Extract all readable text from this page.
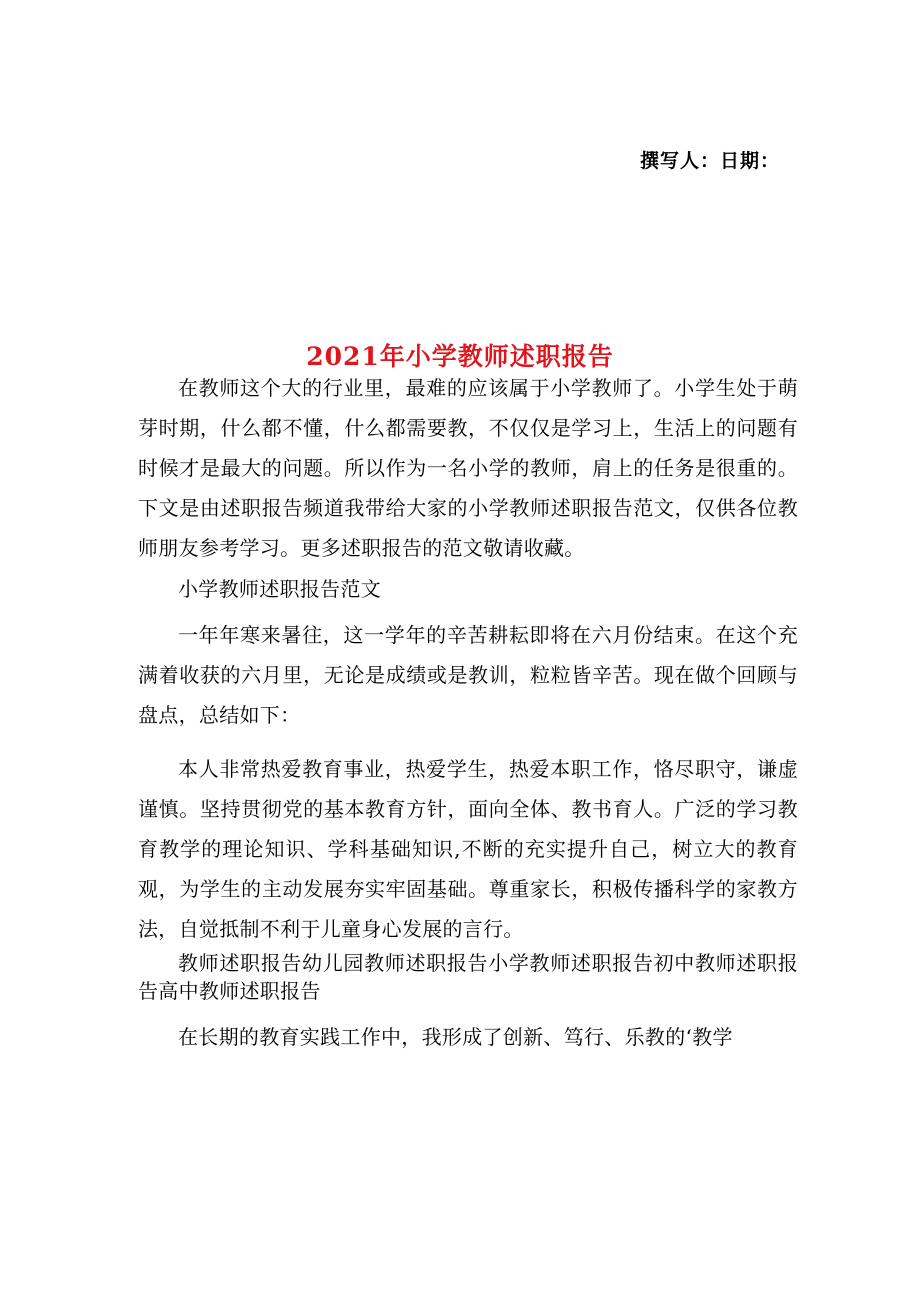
撰写人：日期：
2021年小学教师述职报告

在教师这个大的行业里，最难的应该属于小学教师了。小学生处于萌芽时期，什么都不懂，什么都需要教，不仅仅是学习上，生活上的问题有时候才是最大的问题。所以作为一名小学的教师，肩上的任务是很重的。下文是由述职报告频道我带给大家的小学教师述职报告范文，仅供各位教师朋友参考学习。更多述职报告的范文敬请收藏。

小学教师述职报告范文

一年年寒来暑往，这一学年的辛苦耕耘即将在六月份结束。在这个充满着收获的六月里，无论是成绩或是教训，粒粒皆辛苦。现在做个回顾与盘点，总结如下：

本人非常热爱教育事业，热爱学生，热爱本职工作，恪尽职守，谦虚谨慎。坚持贯彻党的基本教育方针，面向全体、教书育人。广泛的学习教育教学的理论知识、学科基础知识,不断的充实提升自己，树立大的教育观，为学生的主动发展夯实牢固基础。尊重家长，积极传播科学的家教方法，自觉抵制不利于儿童身心发展的言行。

教师述职报告幼儿园教师述职报告小学教师述职报告初中教师述职报告高中教师述职报告

在长期的教育实践工作中，我形成了创新、笃行、乐教的‘教学
